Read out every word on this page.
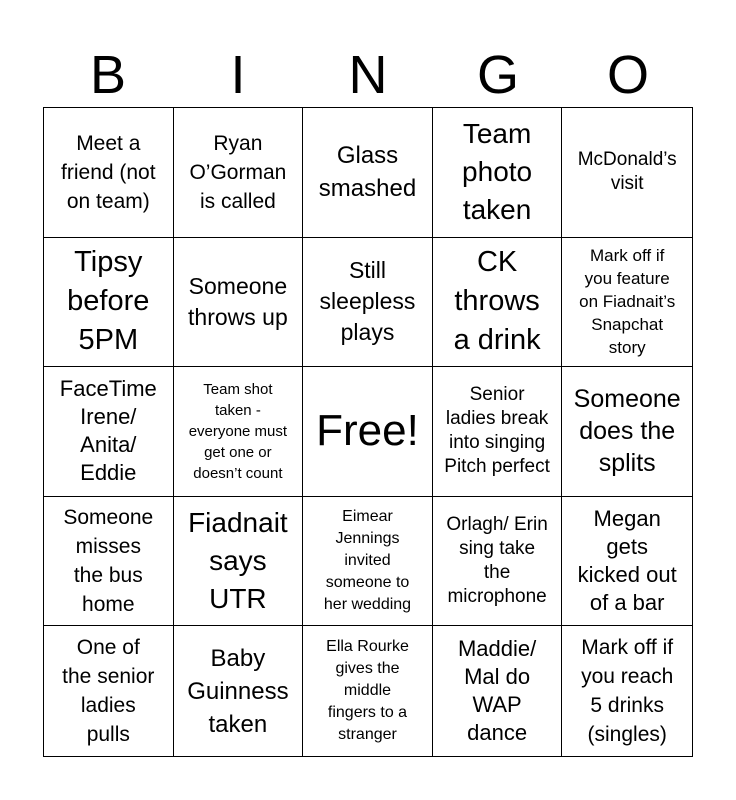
B	I	N	G	O
Meet a
friend (not
on team)
Ryan
O’Gorman
is called
Glass
smashed
Team
photo
taken
McDonald’s
visit
Tipsy
before
5PM
Someone
throws up
Still
sleepless
plays
CK
throws
a drink
Mark off if
you feature
on Fiadnait’s
Snapchat
story
FaceTime
Irene/
Anita/
Eddie
Team shot
taken -
everyone must
get one or
doesn’t count
Free!
Senior
ladies break
into singing
Pitch perfect
Someone
does the
splits
Someone
misses
the bus
home
Fiadnait
says
UTR
Eimear
Jennings
invited
someone to
her wedding
Orlagh/ Erin
sing take
the
microphone
Megan
gets
kicked out
of a bar
One of
the senior
ladies
pulls
Baby
Guinness
taken
Ella Rourke
gives the
middle
fingers to a
stranger
Maddie/
Mal do
WAP
dance
Mark off if
you reach
5 drinks
(singles)
